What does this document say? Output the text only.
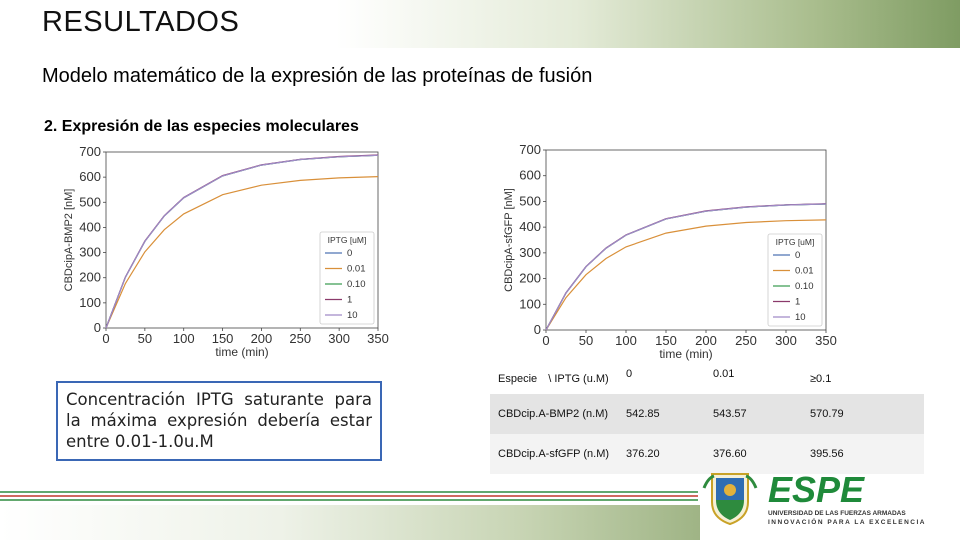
RESULTADOS
Modelo matemático de la expresión de las proteínas de fusión
2. Expresión de las especies moleculares
0 50 100 150 200 250 300 350
0
100
200
300
400
500
600
700
time (min)
CBDcipA-BMP2 [nM]	IPTG [uM]
0
0.01
0.10
1
10
0 50 100 150 200 250 300 350
0
100
200
300
400
500
600
700
time (min)
CBDcipA-sfGFP [nM]	IPTG [uM]
0
0.01
0.10
1
10
Concentración IPTG saturante para la máxima expresión debería estar entre 0.01-1.0u.M
Especie \ IPTG (u.M)	0	0.01	≥0.1
CBDcip.A-BMP2 (n.M)	542.85	543.57	570.79
CBDcip.A-sfGFP (n.M)	376.20	376.60	395.56
ESPE
UNIVERSIDAD DE LAS FUERZAS ARMADAS
INNOVACIÓN PARA LA EXCELENCIA
